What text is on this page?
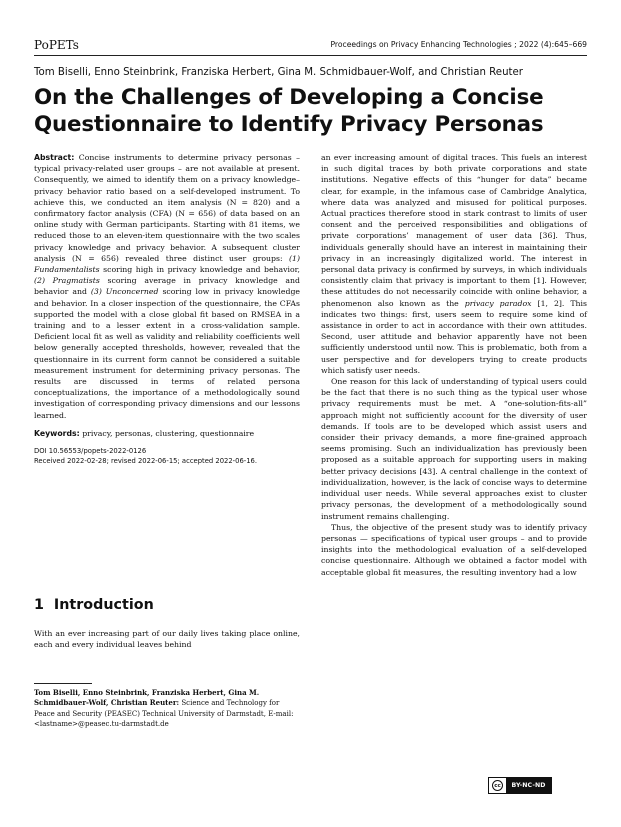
PoPETs	Proceedings on Privacy Enhancing Technologies ; 2022 (4):645–669
Tom Biselli, Enno Steinbrink, Franziska Herbert, Gina M. Schmidbauer-Wolf, and Christian Reuter
On the Challenges of Developing a Concise Questionnaire to Identify Privacy Personas

Abstract: Concise instruments to determine privacy personas – typical privacy-related user groups – are not available at present. Consequently, we aimed to identify them on a privacy knowledge–privacy behavior ratio based on a self-developed instrument. To achieve this, we conducted an item analysis (N = 820) and a confirmatory factor analysis (CFA) (N = 656) of data based on an online study with German participants. Starting with 81 items, we reduced those to an eleven-item questionnaire with the two scales privacy knowledge and privacy behavior. A subsequent cluster analysis (N = 656) revealed three distinct user groups: (1) Fundamentalists scoring high in privacy knowledge and behavior, (2) Pragmatists scoring average in privacy knowledge and behavior and (3) Unconcerned scoring low in privacy knowledge and behavior. In a closer inspection of the questionnaire, the CFAs supported the model with a close global fit based on RMSEA in a training and to a lesser extent in a cross-validation sample. Deficient local fit as well as validity and reliability coefficients well below generally accepted thresholds, however, revealed that the questionnaire in its current form cannot be considered a suitable measurement instrument for determining privacy personas. The results are discussed in terms of related persona conceptualizations, the importance of a methodologically sound investigation of corresponding privacy dimensions and our lessons learned.

Keywords: privacy, personas, clustering, questionnaire

DOI 10.56553/popets-2022-0126

Received 2022-02-28; revised 2022-06-15; accepted 2022-06-16.

1 Introduction

With an ever increasing part of our daily lives taking place online, each and every individual leaves behind

Tom Biselli, Enno Steinbrink, Franziska Herbert, Gina M. Schmidbauer-Wolf, Christian Reuter: Science and Technology for Peace and Security (PEASEC) Technical University of Darmstadt, E-mail: <lastname>@peasec.tu-darmstadt.de

an ever increasing amount of digital traces. This fuels an interest in such digital traces by both private corporations and state institutions. Negative effects of this “hunger for data” became clear, for example, in the infamous case of Cambridge Analytica, where data was analyzed and misused for political purposes. Actual practices therefore stood in stark contrast to limits of user consent and the perceived responsibilities and obligations of private corporations’ management of user data [36]. Thus, individuals generally should have an interest in maintaining their privacy in an increasingly digitalized world. The interest in personal data privacy is confirmed by surveys, in which individuals consistently claim that privacy is important to them [1]. However, these attitudes do not necessarily coincide with online behavior, a phenomenon also known as the privacy paradox [1, 2]. This indicates two things: first, users seem to require some kind of assistance in order to act in accordance with their own attitudes. Second, user attitude and behavior apparently have not been sufficiently understood until now. This is problematic, both from a user perspective and for developers trying to create products which satisfy user needs.

One reason for this lack of understanding of typical users could be the fact that there is no such thing as the typical user whose privacy requirements must be met. A “one-solution-fits-all” approach might not sufficiently account for the diversity of user demands. If tools are to be developed which assist users and consider their privacy demands, a more fine-grained approach seems promising. Such an individualization has previously been proposed as a suitable approach for supporting users in making better privacy decisions [43]. A central challenge in the context of individualization, however, is the lack of concise ways to determine individual user needs. While several approaches exist to cluster privacy personas, the development of a methodologically sound instrument remains challenging.

Thus, the objective of the present study was to identify privacy personas — specifications of typical user groups – and to provide insights into the methodological evaluation of a self-developed concise questionnaire. Although we obtained a factor model with acceptable global fit measures, the resulting inventory had a low

cc	BY-NC-ND
